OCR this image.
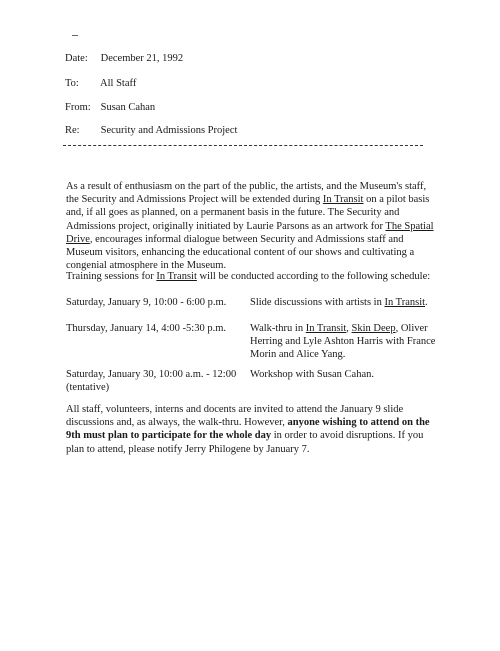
Date: December 21, 1992
To: All Staff
From: Susan Cahan
Re: Security and Admissions Project
As a result of enthusiasm on the part of the public, the artists, and the Museum's staff, the Security and Admissions Project will be extended during In Transit on a pilot basis and, if all goes as planned, on a permanent basis in the future. The Security and Admissions project, originally initiated by Laurie Parsons as an artwork for The Spatial Drive, encourages informal dialogue between Security and Admissions staff and Museum visitors, enhancing the educational content of our shows and cultivating a congenial atmosphere in the Museum.
Training sessions for In Transit will be conducted according to the following schedule:
Saturday, January 9, 10:00 - 6:00 p.m. Slide discussions with artists in In Transit.
Thursday, January 14, 4:00 -5:30 p.m. Walk-thru in In Transit, Skin Deep, Oliver Herring and Lyle Ashton Harris with France Morin and Alice Yang.
Saturday, January 30, 10:00 a.m. - 12:00
(tentative)
Workshop with Susan Cahan.
All staff, volunteers, interns and docents are invited to attend the January 9 slide discussions and, as always, the walk-thru. However, anyone wishing to attend on the 9th must plan to participate for the whole day in order to avoid disruptions. If you plan to attend, please notify Jerry Philogene by January 7.
